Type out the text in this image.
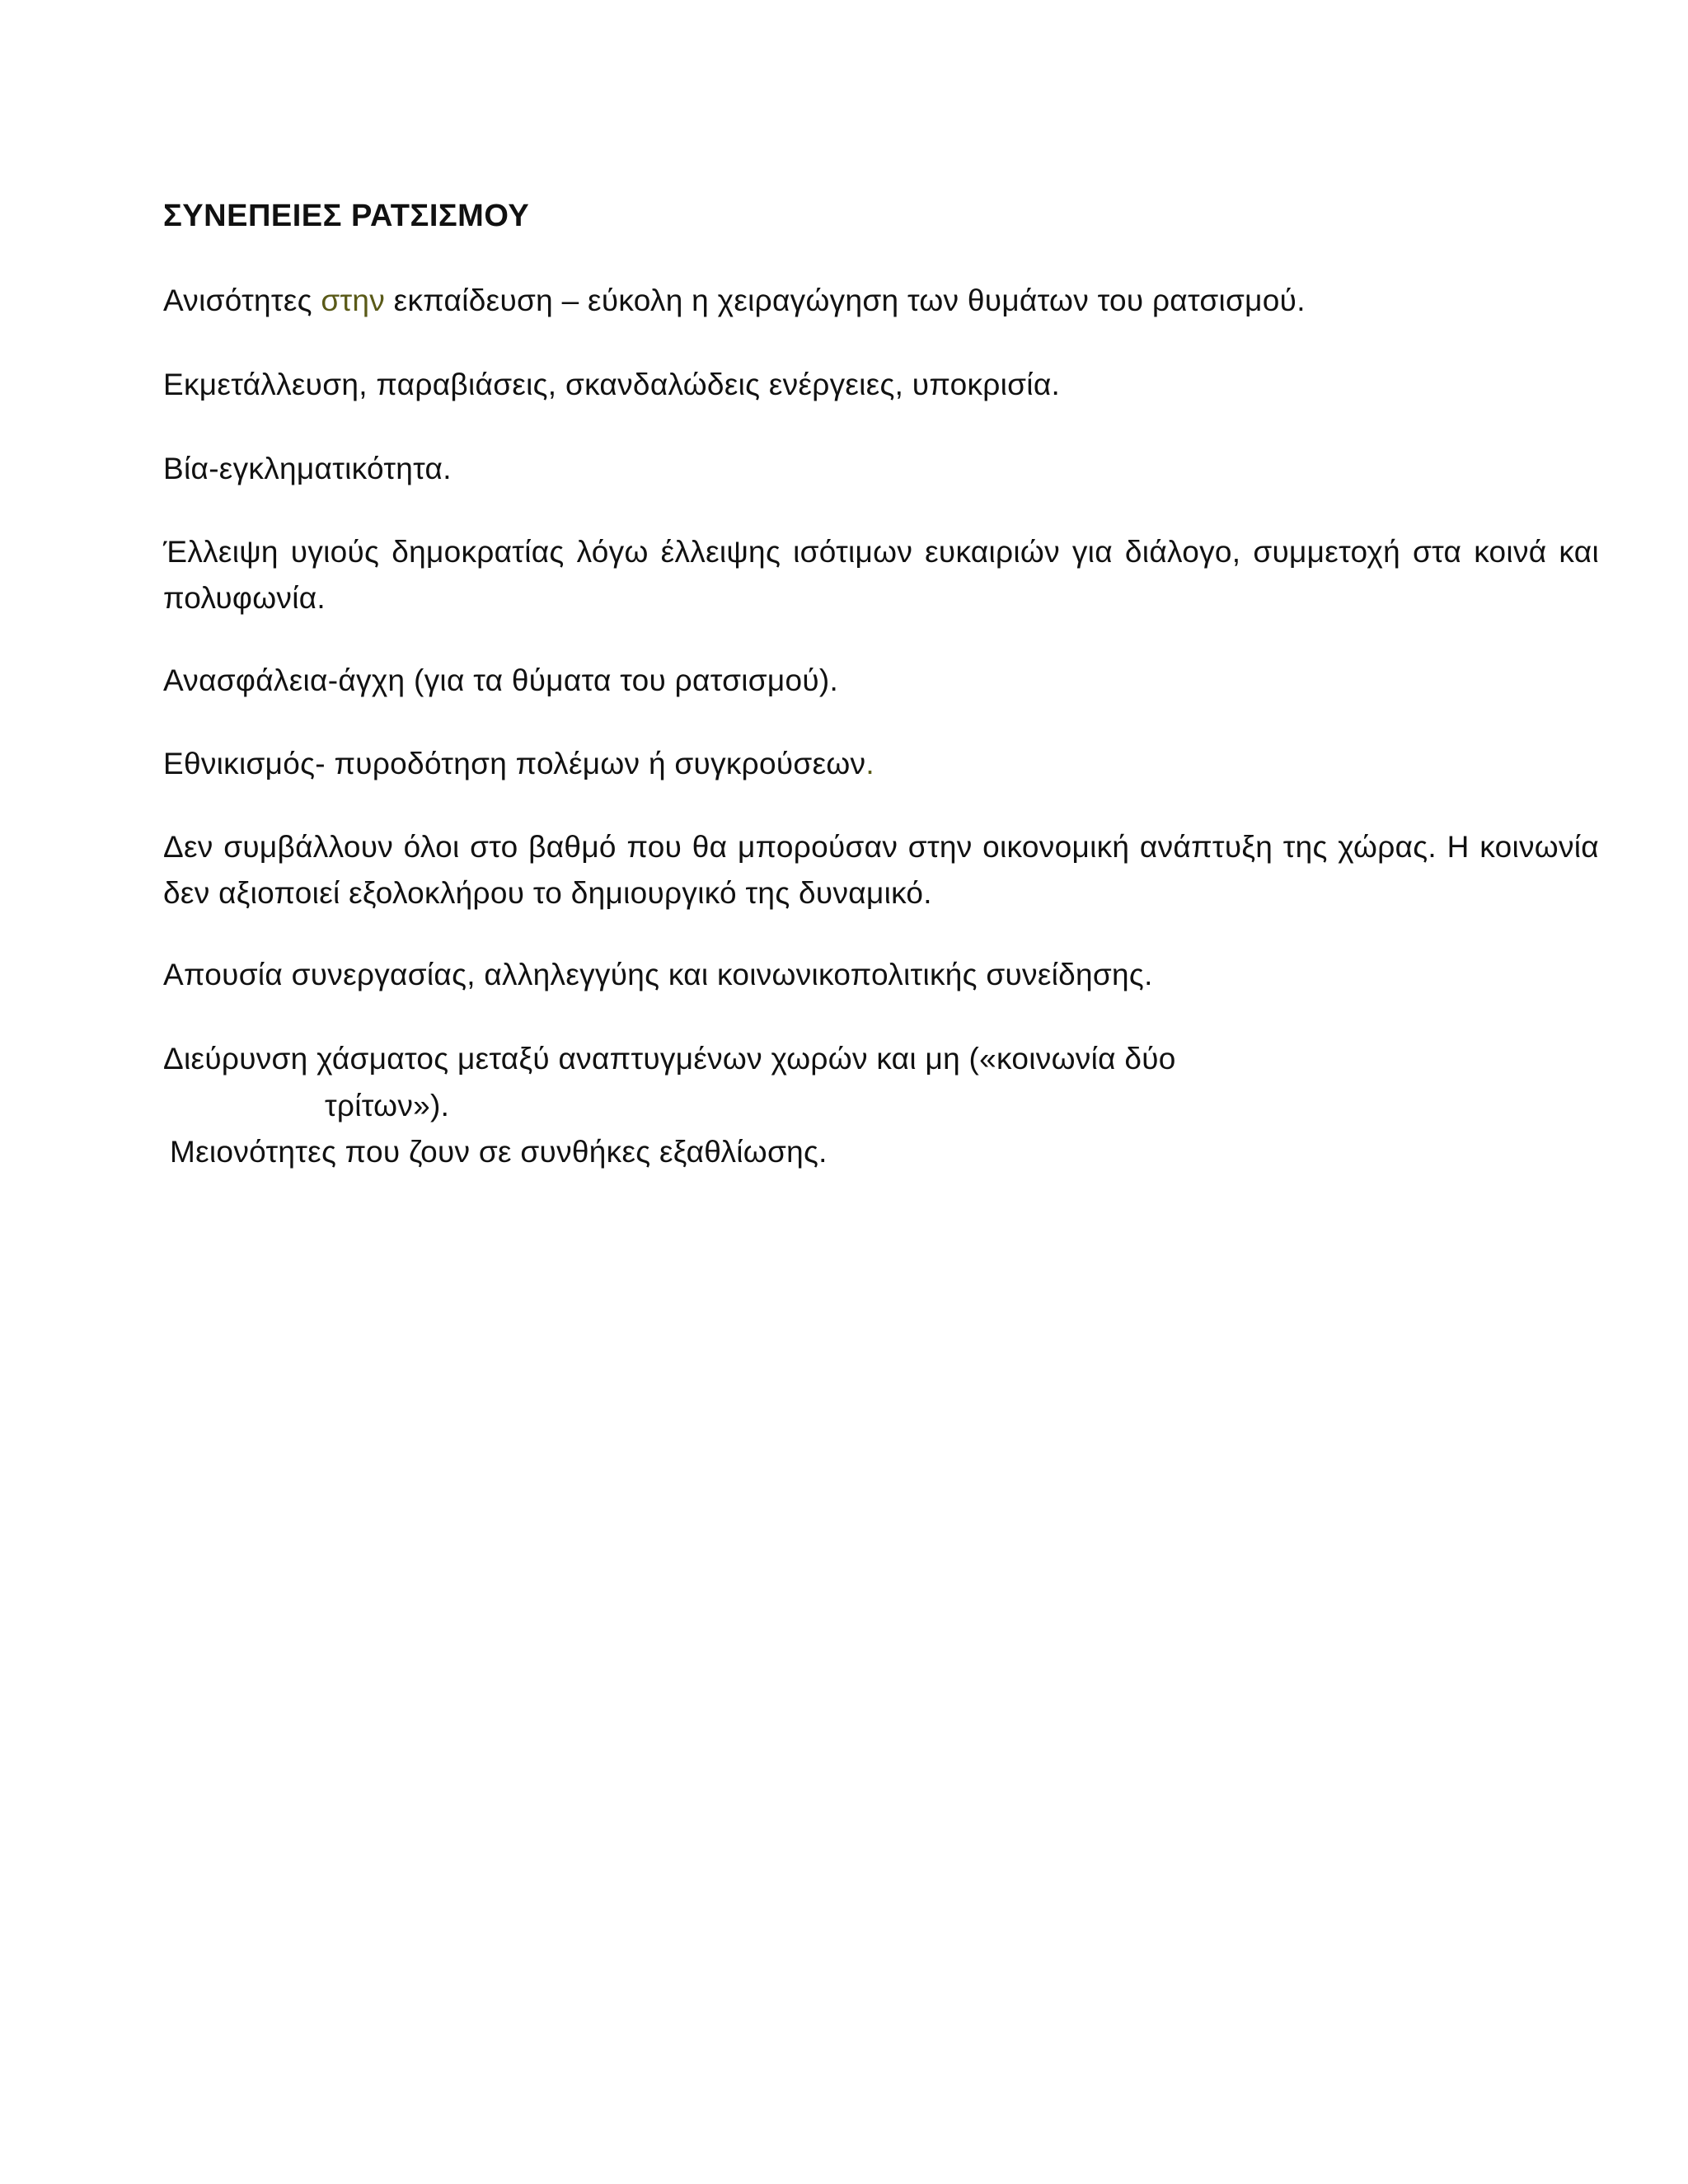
ΣΥΝΕΠΕΙΕΣ ΡΑΤΣΙΣΜΟΥ

Ανισότητες στην εκπαίδευση – εύκολη η χειραγώγηση των θυμάτων του ρατσισμού.

Εκμετάλλευση, παραβιάσεις, σκανδαλώδεις ενέργειες, υποκρισία.

Βία-εγκληματικότητα.

Έλλειψη υγιούς δημοκρατίας λόγω έλλειψης ισότιμων ευκαιριών για διάλογο, συμμετοχή στα κοινά και πολυφωνία.

Ανασφάλεια-άγχη (για τα θύματα του ρατσισμού).

Εθνικισμός- πυροδότηση πολέμων ή συγκρούσεων.

Δεν συμβάλλουν όλοι στο βαθμό που θα μπορούσαν στην οικονομική ανάπτυξη της χώρας. Η κοινωνία δεν αξιοποιεί εξολοκλήρου το δημιουργικό της δυναμικό.

Απουσία συνεργασίας, αλληλεγγύης και κοινωνικοπολιτικής συνείδησης.

Διεύρυνση χάσματος μεταξύ αναπτυγμένων χωρών και μη («κοινωνία δύο

τρίτων»).

Μειονότητες που ζουν σε συνθήκες εξαθλίωσης.
